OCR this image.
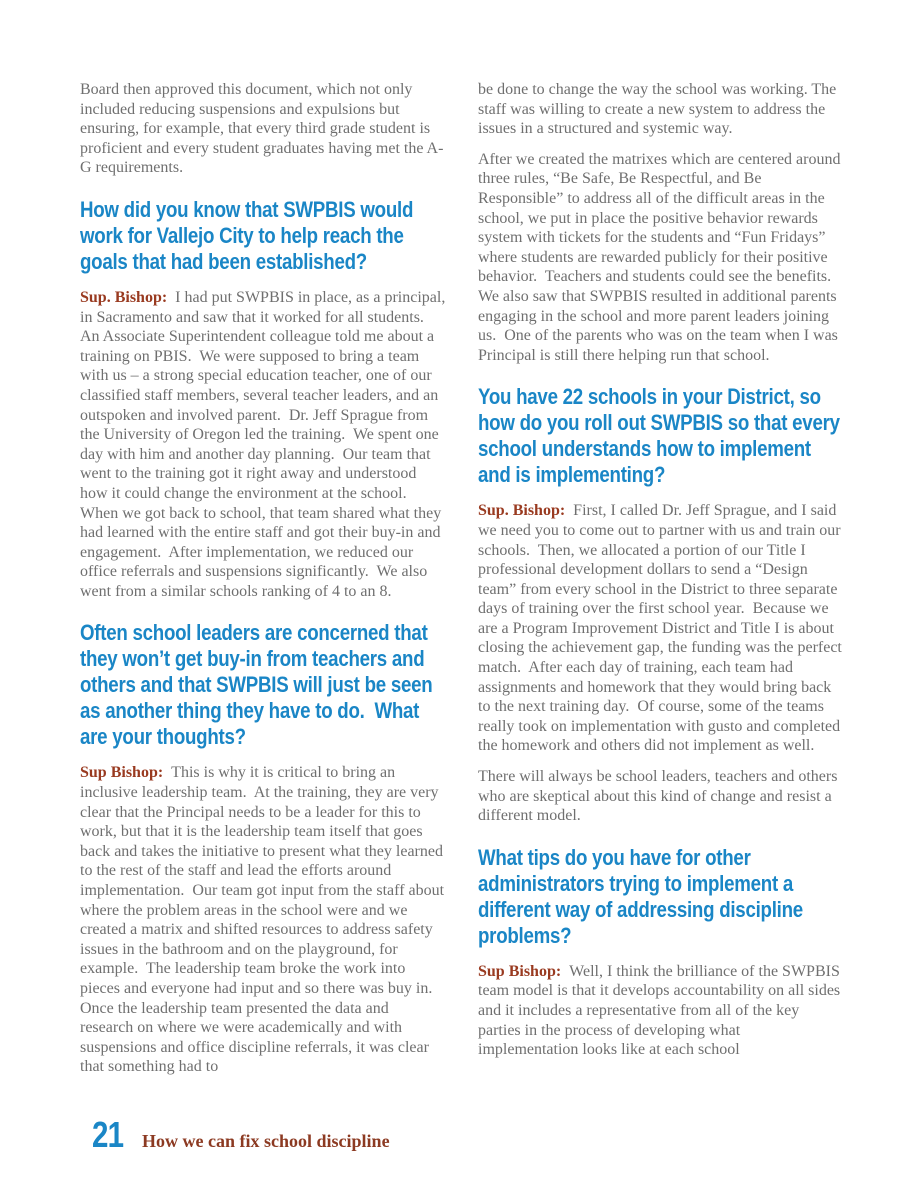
Board then approved this document, which not only included reducing suspensions and expulsions but ensuring, for example, that every third grade student is proficient and every student graduates having met the A-G requirements.
How did you know that SWPBIS would work for Vallejo City to help reach the goals that had been established?
Sup. Bishop:  I had put SWPBIS in place, as a principal, in Sacramento and saw that it worked for all students.  An Associate Superintendent colleague told me about a training on PBIS.  We were supposed to bring a team with us – a strong special education teacher, one of our classified staff members, several teacher leaders, and an outspoken and involved parent.  Dr. Jeff Sprague from the University of Oregon led the training.  We spent one day with him and another day planning.  Our team that went to the training got it right away and understood how it could change the environment at the school.  When we got back to school, that team shared what they had learned with the entire staff and got their buy-in and engagement.  After implementation, we reduced our office referrals and suspensions significantly.  We also went from a similar schools ranking of 4 to an 8.
Often school leaders are concerned that they won’t get buy-in from teachers and others and that SWPBIS will just be seen as another thing they have to do.  What are your thoughts?
Sup Bishop:  This is why it is critical to bring an inclusive leadership team.  At the training, they are very clear that the Principal needs to be a leader for this to work, but that it is the leadership team itself that goes back and takes the initiative to present what they learned to the rest of the staff and lead the efforts around implementation.  Our team got input from the staff about where the problem areas in the school were and we created a matrix and shifted resources to address safety issues in the bathroom and on the playground, for example.  The leadership team broke the work into pieces and everyone had input and so there was buy in.  Once the leadership team presented the data and research on where we were academically and with suspensions and office discipline referrals, it was clear that something had to
be done to change the way the school was working. The staff was willing to create a new system to address the issues in a structured and systemic way.
After we created the matrixes which are centered around three rules, “Be Safe, Be Respectful, and Be Responsible” to address all of the difficult areas in the school, we put in place the positive behavior rewards system with tickets for the students and “Fun Fridays” where students are rewarded publicly for their positive behavior.  Teachers and students could see the benefits.  We also saw that SWPBIS resulted in additional parents engaging in the school and more parent leaders joining us.  One of the parents who was on the team when I was Principal is still there helping run that school.
You have 22 schools in your District, so how do you roll out SWPBIS so that every school understands how to implement and is implementing?
Sup. Bishop:  First, I called Dr. Jeff Sprague, and I said we need you to come out to partner with us and train our schools.  Then, we allocated a portion of our Title I professional development dollars to send a “Design team” from every school in the District to three separate days of training over the first school year.  Because we are a Program Improvement District and Title I is about closing the achievement gap, the funding was the perfect match.  After each day of training, each team had assignments and homework that they would bring back to the next training day.  Of course, some of the teams really took on implementation with gusto and completed the homework and others did not implement as well.
There will always be school leaders, teachers and others who are skeptical about this kind of change and resist a different model.
What tips do you have for other administrators trying to implement a different way of addressing discipline problems?
Sup Bishop:  Well, I think the brilliance of the SWPBIS team model is that it develops accountability on all sides and it includes a representative from all of the key parties in the process of developing what implementation looks like at each school
21 How we can fix school discipline
